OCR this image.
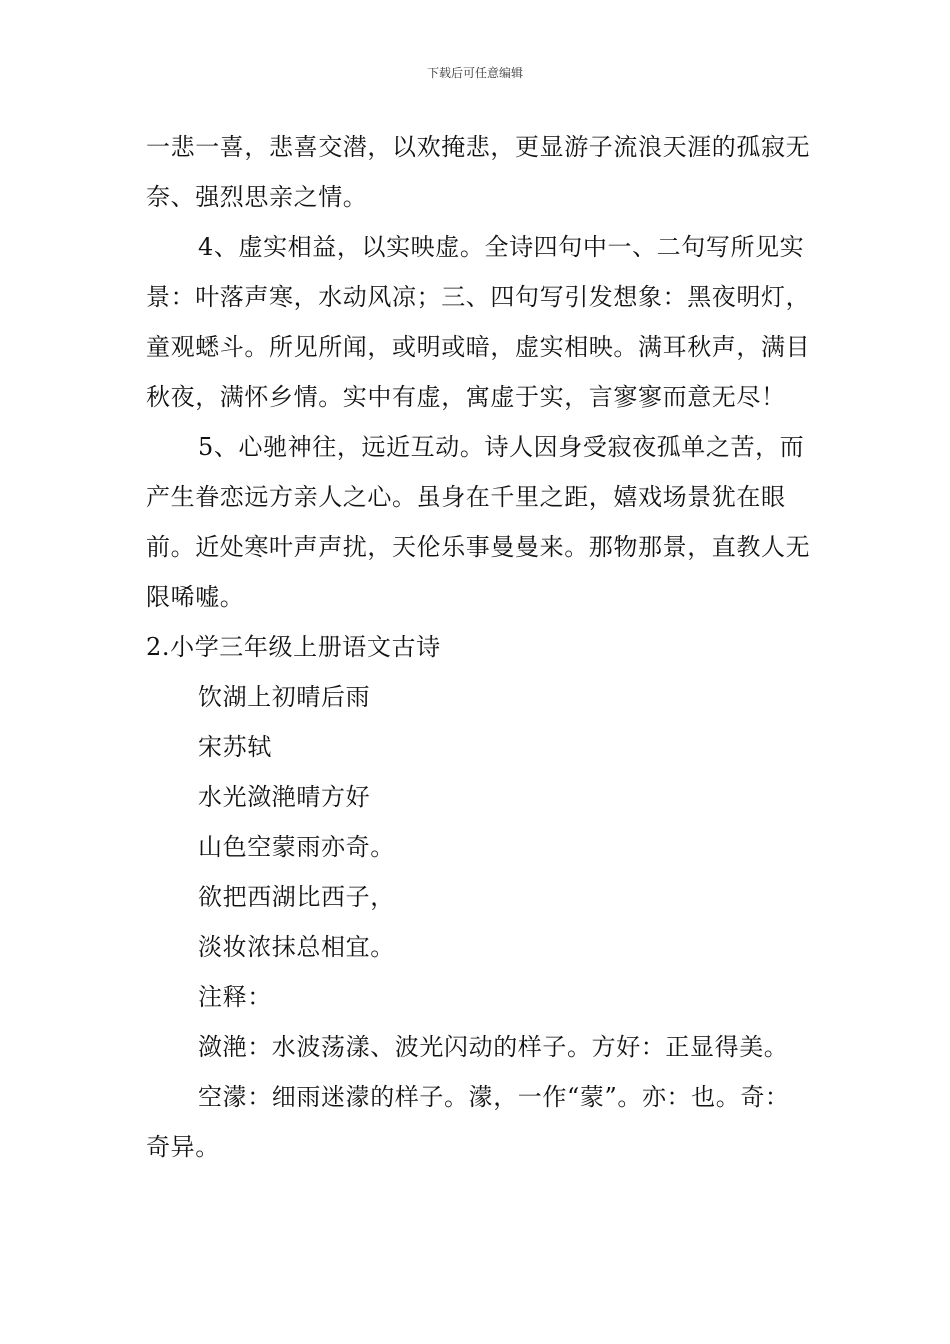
下载后可任意编辑

一悲一喜，悲喜交潜，以欢掩悲，更显游子流浪天涯的孤寂无奈、强烈思亲之情。

4、虚实相益，以实映虚。全诗四句中一、二句写所见实景：叶落声寒，水动风凉；三、四句写引发想象：黑夜明灯，童观蟋斗。所见所闻，或明或暗，虚实相映。满耳秋声，满目秋夜，满怀乡情。实中有虚，寓虚于实，言寥寥而意无尽！

5、心驰神往，远近互动。诗人因身受寂夜孤单之苦，而产生眷恋远方亲人之心。虽身在千里之距，嬉戏场景犹在眼前。近处寒叶声声扰，天伦乐事曼曼来。那物那景，直教人无限唏嘘。

2.小学三年级上册语文古诗

饮湖上初晴后雨

宋苏轼

水光潋滟晴方好

山色空蒙雨亦奇。

欲把西湖比西子，

淡妆浓抹总相宜。

注释：

潋滟：水波荡漾、波光闪动的样子。方好：正显得美。

空濛：细雨迷濛的样子。濛，一作“蒙”。亦：也。奇：奇异。
